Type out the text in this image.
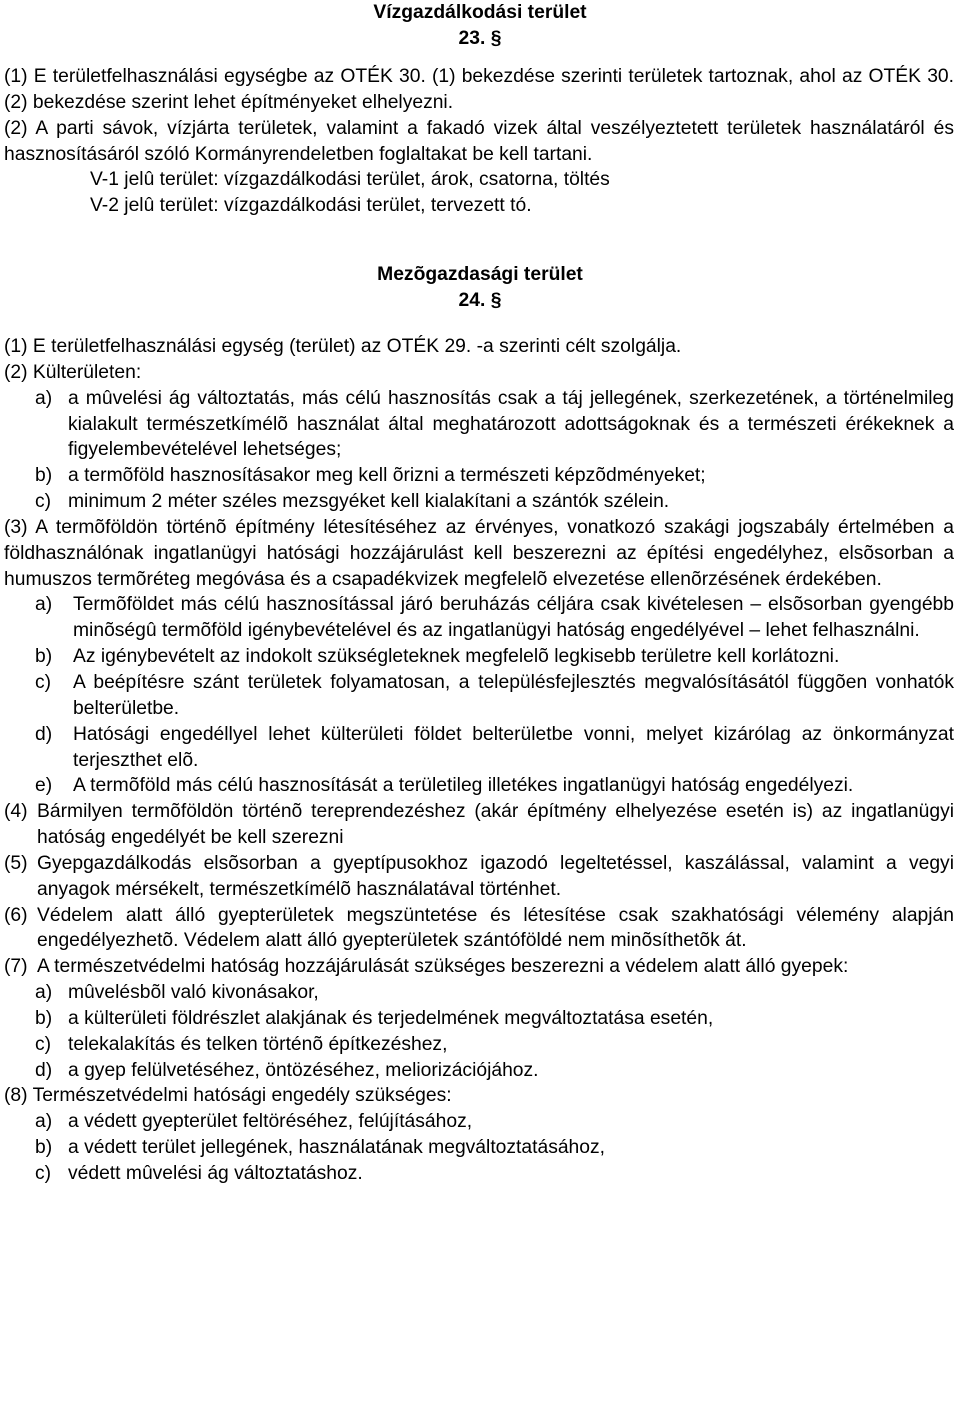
Vízgazdálkodási terület

23. §

(1) E területfelhasználási egységbe az OTÉK 30. (1) bekezdése szerinti területek tartoznak, ahol az OTÉK 30. (2) bekezdése szerint lehet építményeket elhelyezni.

(2) A parti sávok, vízjárta területek, valamint a fakadó vizek által veszélyeztetett területek használatáról és hasznosításáról szóló Kormányrendeletben foglaltakat be kell tartani.

V-1 jelû terület: vízgazdálkodási terület, árok, csatorna, töltés

V-2 jelû terület: vízgazdálkodási terület, tervezett tó.

Mezõgazdasági terület

24. §

(1) E területfelhasználási egység (terület) az OTÉK 29. -a szerinti célt szolgálja.

(2) Külterületen:

a) a mûvelési ág változtatás, más célú hasznosítás csak a táj jellegének, szerkezetének, a történelmileg kialakult természetkímélõ használat által meghatározott adottságoknak és a természeti érékeknek a figyelembevételével lehetséges;
b) a termõföld hasznosításakor meg kell õrizni a természeti képzõdményeket;
c) minimum 2 méter széles mezsgyéket kell kialakítani a szántók szélein.

(3) A termõföldön történõ építmény létesítéséhez az érvényes, vonatkozó szakági jogszabály értelmében a földhasználónak ingatlanügyi hatósági hozzájárulást kell beszerezni az építési engedélyhez, elsõsorban a humuszos termõréteg megóvása és a csapadékvizek megfelelõ elvezetése ellenõrzésének érdekében.

a)	Termõföldet más célú hasznosítással járó beruházás céljára csak kivételesen – elsõsorban gyengébb minõségû termõföld igénybevételével és az ingatlanügyi hatóság engedélyével – lehet felhasználni.
b)	Az igénybevételt az indokolt szükségleteknek megfelelõ legkisebb területre kell korlátozni.
c)	A beépítésre szánt területek folyamatosan, a településfejlesztés megvalósításától függõen vonhatók belterületbe.
d)	Hatósági engedéllyel lehet külterületi földet belterületbe vonni, melyet kizárólag az önkormányzat terjeszthet elõ.
e)	A termõföld más célú hasznosítását a területileg illetékes ingatlanügyi hatóság engedélyezi.
(4) Bármilyen termõföldön történõ tereprendezéshez (akár építmény elhelyezése esetén is) az ingatlanügyi hatóság engedélyét be kell szerezni
(5) Gyepgazdálkodás elsõsorban a gyeptípusokhoz igazodó legeltetéssel, kaszálással, valamint a vegyi anyagok mérsékelt, természetkímélõ használatával történhet.
(6) Védelem alatt álló gyepterületek megszüntetése és létesítése csak szakhatósági vélemény alapján engedélyezhetõ. Védelem alatt álló gyepterületek szántóföldé nem minõsíthetõk át.
(7) A természetvédelmi hatóság hozzájárulását szükséges beszerezni a védelem alatt álló gyepek:
a) mûvelésbõl való kivonásakor,
b) a külterületi földrészlet alakjának és terjedelmének megváltoztatása esetén,
c) telekalakítás és telken történõ építkezéshez,
d) a gyep felülvetéséhez, öntözéséhez, meliorizációjához.

(8) Természetvédelmi hatósági engedély szükséges:

a) a védett gyepterület feltöréséhez, felújításához,
b) a védett terület jellegének, használatának megváltoztatásához,
c) védett mûvelési ág változtatáshoz.
